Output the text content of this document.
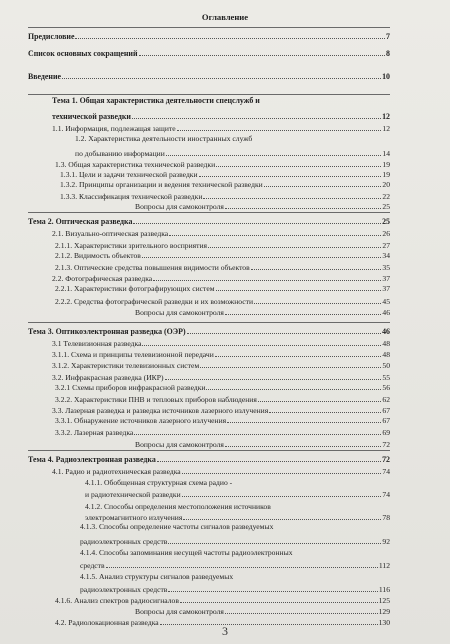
Оглавление
Предисловие	7
Список основных сокращений	8
Введение	10
Тема 1. Общая характеристика деятельности спецслужб и
технической разведки	12
1.1. Информация, подлежащая защите	12
1.2. Характеристика деятельности иностранных служб
по добыванию информации	14
1.3. Общая характеристика технической разведки	19
1.3.1. Цели и задачи технической разведки	19
1.3.2. Принципы организации и ведения технической разведки	20
1.3.3. Классификация технической разведки	22
Вопросы для самоконтроля	25
Тема 2. Оптическая разведка	25
2.1. Визуально-оптическая разведка	26
2.1.1. Характеристики зрительного восприятия	27
2.1.2. Видимость объектов	34
2.1.3. Оптические средства повышения видимости объектов	35
2.2. Фотографическая разведка	37
2.2.1. Характеристики фотографирующих систем	37
2.2.2. Средства фотографической разведки и их возможности	45
Вопросы для самоконтроля	46
Тема 3. Оптикоэлектронная разведка (ОЭР)	46
3.1 Телевизионная разведка	48
3.1.1. Схема и принципы телевизионной передачи	48
3.1.2. Характеристики телевизионных систем	50
3.2. Инфракрасная разведка (ИКР)	55
3.2.1 Схемы приборов инфракрасной разведки	56
3.2.2. Характеристики ПНВ и тепловых приборов наблюдения	62
3.3. Лазерная разведка и разведка источников лазерного излучения	67
3.3.1. Обнаружение источников лазерного излучения	67
3.3.2. Лазерная разведка	69
Вопросы для самоконтроля	72
Тема 4. Радиоэлектронная разведка	72
4.1. Радио и радиотехническая разведка	74
4.1.1. Обобщенная структурная схема радио -
и радиотехнической разведки	74
4.1.2. Способы определения местоположения источников
электромагнитного излучения	78
4.1.3. Способы определение частоты сигналов разведуемых
радиоэлектронных средств	92
4.1.4. Способы запоминания несущей частоты радиоэлектронных
средств	112
4.1.5. Анализ структуры сигналов разведуемых
радиоэлектронных средств	116
4.1.6. Анализ спектров радиосигналов	125
Вопросы для самоконтроля	129
4.2. Радиолокационная разведка	130
3
